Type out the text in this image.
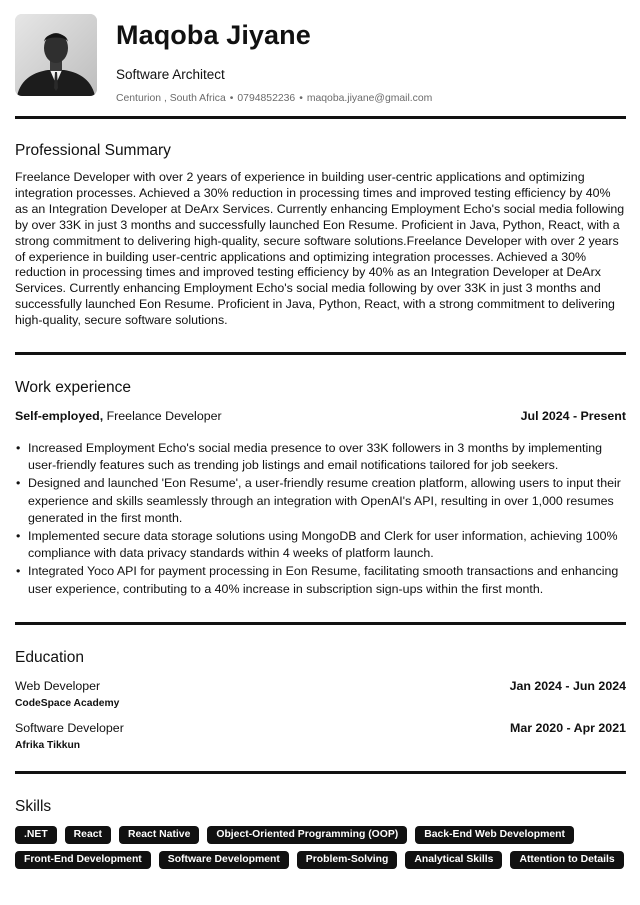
Maqoba Jiyane
Software Architect
Centurion , South Africa • 0794852236 • maqoba.jiyane@gmail.com
Professional Summary
Freelance Developer with over 2 years of experience in building user-centric applications and optimizing integration processes. Achieved a 30% reduction in processing times and improved testing efficiency by 40% as an Integration Developer at DeArx Services. Currently enhancing Employment Echo's social media following by over 33K in just 3 months and successfully launched Eon Resume. Proficient in Java, Python, React, with a strong commitment to delivering high-quality, secure software solutions.Freelance Developer with over 2 years of experience in building user-centric applications and optimizing integration processes. Achieved a 30% reduction in processing times and improved testing efficiency by 40% as an Integration Developer at DeArx Services. Currently enhancing Employment Echo's social media following by over 33K in just 3 months and successfully launched Eon Resume. Proficient in Java, Python, React, with a strong commitment to delivering high-quality, secure software solutions.
Work experience
Self-employed, Freelance Developer	Jul 2024 - Present
• Increased Employment Echo's social media presence to over 33K followers in 3 months by implementing user-friendly features such as trending job listings and email notifications tailored for job seekers.
• Designed and launched 'Eon Resume', a user-friendly resume creation platform, allowing users to input their experience and skills seamlessly through an integration with OpenAI's API, resulting in over 1,000 resumes generated in the first month.
• Implemented secure data storage solutions using MongoDB and Clerk for user information, achieving 100% compliance with data privacy standards within 4 weeks of platform launch.
• Integrated Yoco API for payment processing in Eon Resume, facilitating smooth transactions and enhancing user experience, contributing to a 40% increase in subscription sign-ups within the first month.
Education
Web Developer	Jan 2024 - Jun 2024
CodeSpace Academy
Software Developer	Mar 2020 - Apr 2021
Afrika Tikkun
Skills
.NET	React	React Native	Object-Oriented Programming (OOP)	Back-End Web Development
Front-End Development	Software Development	Problem-Solving	Analytical Skills	Attention to Details
